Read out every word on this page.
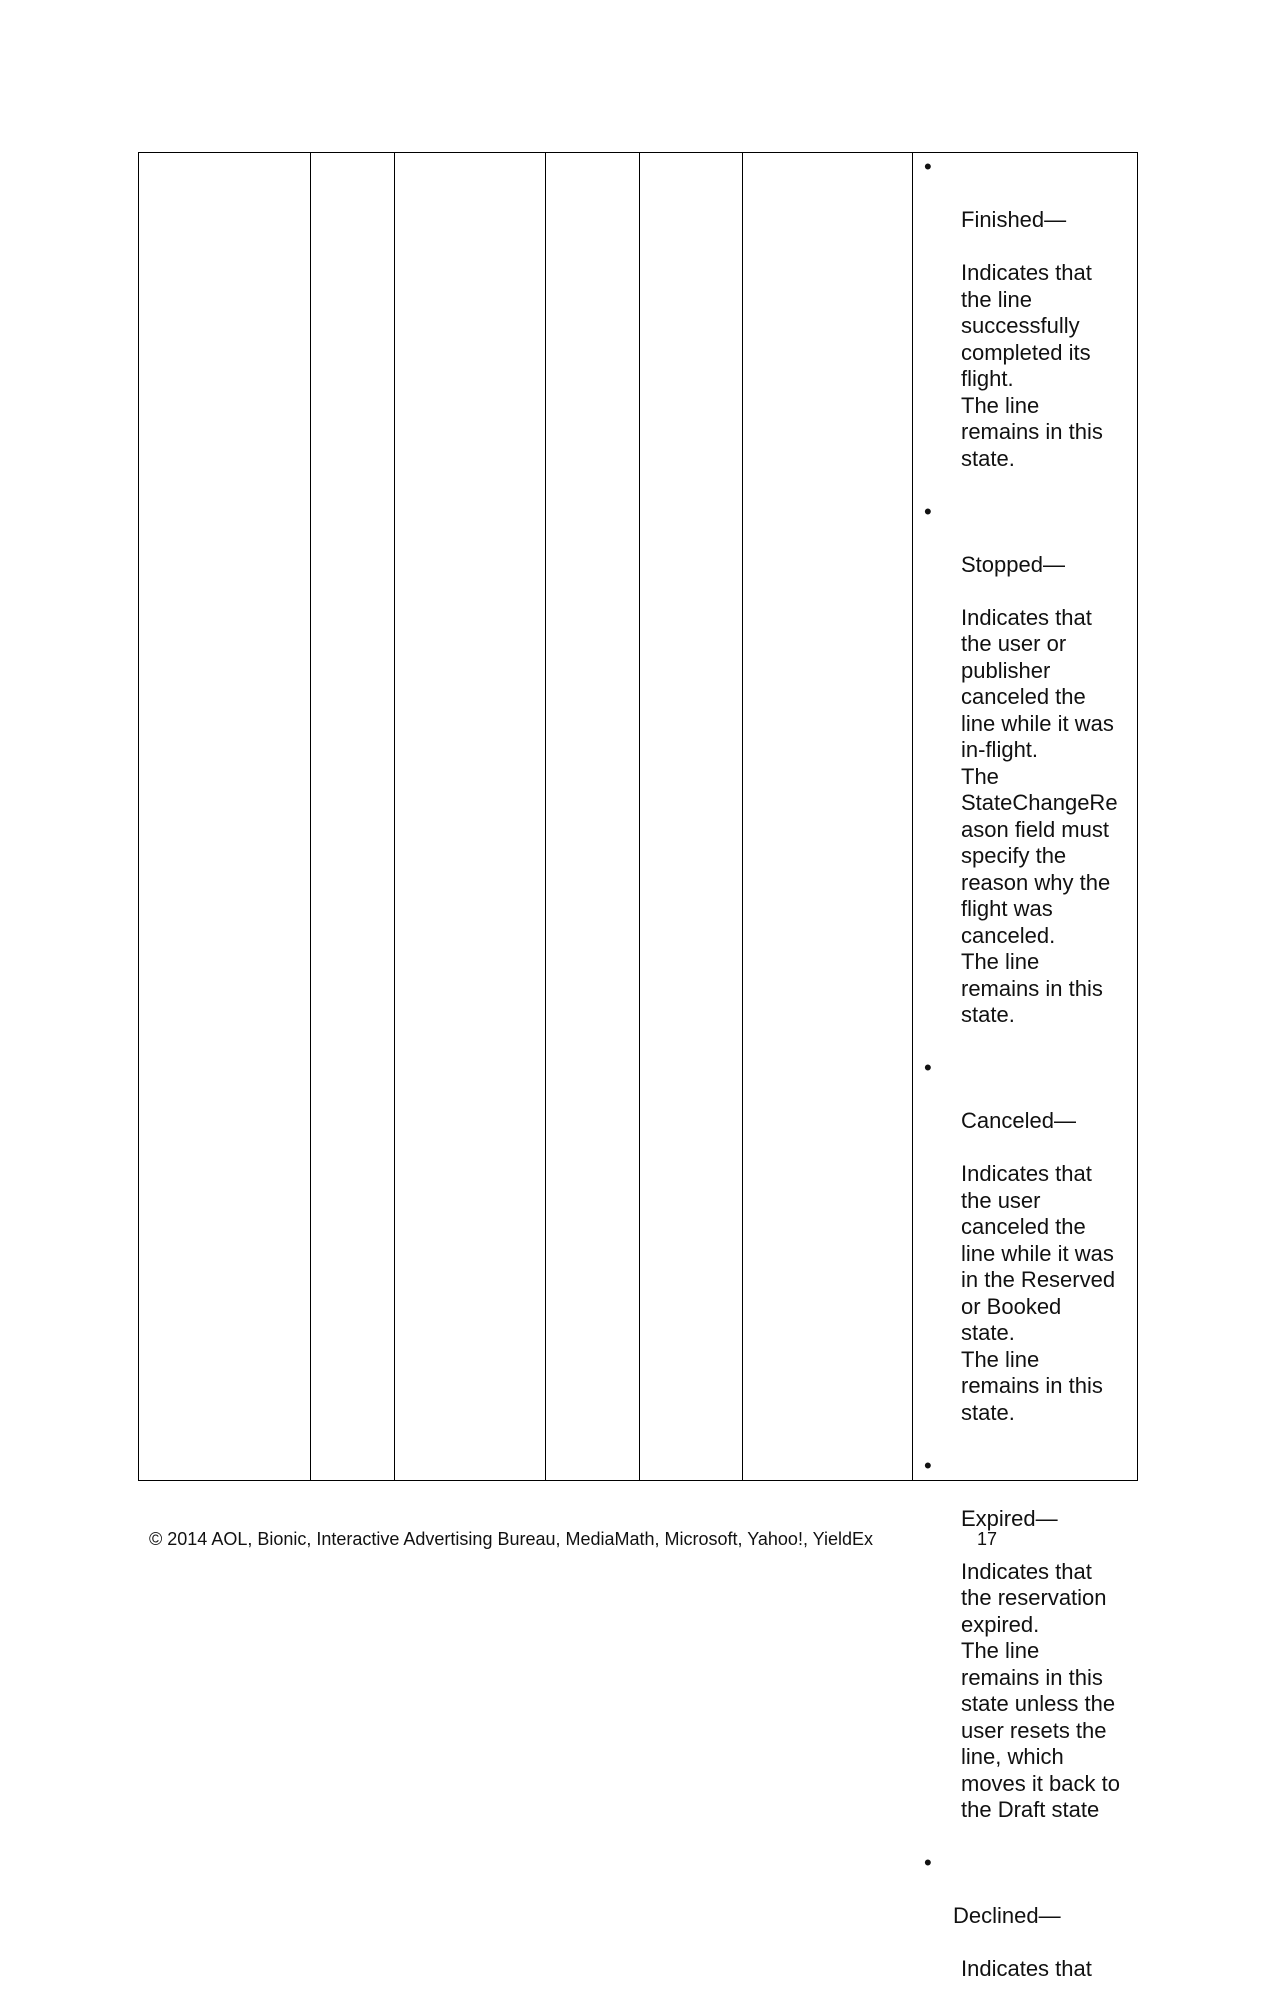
•

Finished—

Indicates that
the line
successfully
completed its
flight.
The line
remains in this
state.

•

Stopped—

Indicates that
the user or
publisher
canceled the
line while it was
in-flight.
The
StateChangeRe
ason field must
specify the
reason why the
flight was
canceled.
The line
remains in this
state.

•

Canceled—

Indicates that
the user
canceled the
line while it was
in the Reserved
or Booked
state.
The line
remains in this
state.

•

Expired—

Indicates that
the reservation
expired.
The line
remains in this
state unless the
user resets the
line, which
moves it back to
the Draft state

•

Declined—

Indicates that

© 2014 AOL, Bionic, Interactive Advertising Bureau, MediaMath, Microsoft, Yahoo!, YieldEx	17
